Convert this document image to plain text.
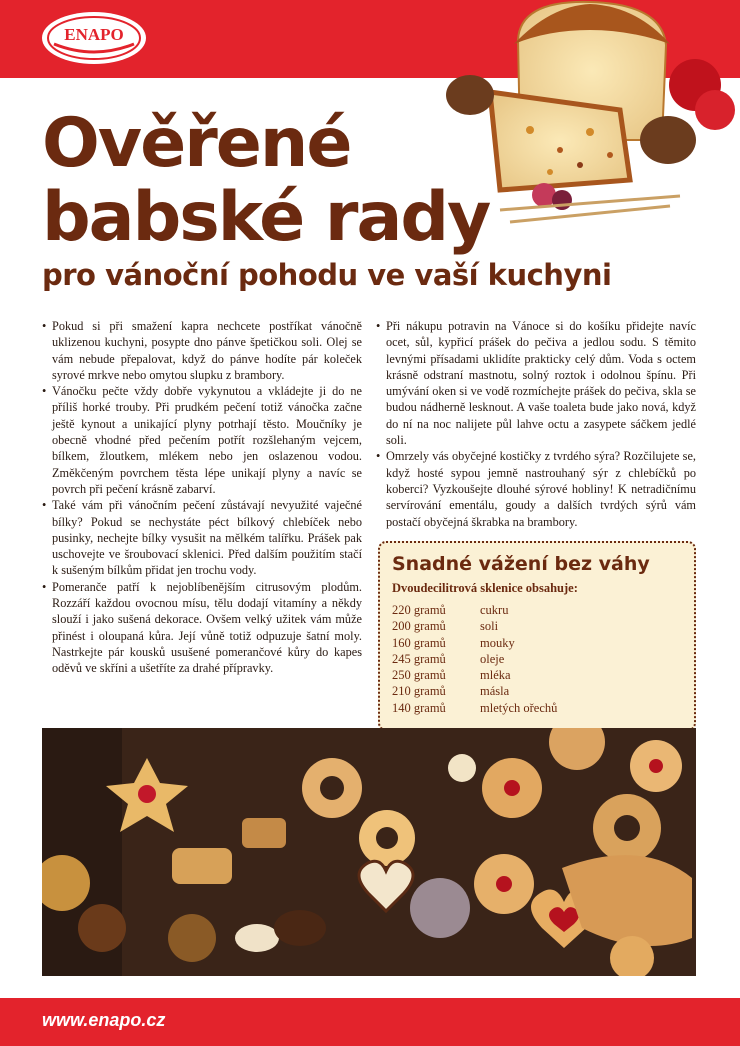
ENAPO
Ověřené
babské rady
pro vánoční pohodu ve vaší kuchyni
• Pokud si při smažení kapra nechcete postříkat vánočně uklizenou kuchyni, posypte dno pánve špetičkou soli. Olej se vám nebude přepalovat, když do pánve hodíte pár koleček syrové mrkve nebo omytou slupku z brambory.
• Vánočku pečte vždy dobře vykynutou a vkládejte ji do ne příliš horké trouby. Při prudkém pečení totiž vánočka začne ještě kynout a unikající plyny potrhají těsto. Moučníky je obecně vhodné před pečením potřít rozšlehaným vejcem, bílkem, žloutkem, mlékem nebo jen oslazenou vodou. Změkčeným povrchem těsta lépe unikají plyny a navíc se povrch při pečení krásně zabarví.
• Také vám při vánočním pečení zůstávají nevyužité vaječné bílky? Pokud se nechystáte péct bílkový chlebíček nebo pusinky, nechejte bílky vysušit na mělkém talířku. Prášek pak uschovejte ve šroubovací sklenici. Před dalším použitím stačí k sušeným bílkům přidat jen trochu vody.
• Pomeranče patří k nejoblíbenějším citrusovým plodům. Rozzáří každou ovocnou mísu, tělu dodají vitamíny a někdy slouží i jako sušená dekorace. Ovšem velký užitek vám může přinést i oloupaná kůra. Její vůně totiž odpuzuje šatní moly. Nastrkejte pár kousků usušené pomerančové kůry do kapes oděvů ve skříni a ušetříte za drahé přípravky.
• Při nákupu potravin na Vánoce si do košíku přidejte navíc ocet, sůl, kypřicí prášek do pečiva a jedlou sodu. S těmito levnými přísadami uklidíte prakticky celý dům. Voda s octem krásně odstraní mastnotu, solný roztok i odolnou špínu. Při umývání oken si ve vodě rozmíchejte prášek do pečiva, skla se budou nádherně lesknout. A vaše toaleta bude jako nová, když do ní na noc nalijete půl lahve octu a zasypete sáčkem jedlé soli.
• Omrzely vás obyčejné kostičky z tvrdého sýra? Rozčilujete se, když hosté sypou jemně nastrouhaný sýr z chlebíčků po koberci? Vyzkoušejte dlouhé sýrové hobliny! K netradičnímu servírování ementálu, goudy a dalších tvrdých sýrů vám postačí obyčejná škrabka na brambory.
Snadné vážení bez váhy
Dvoudecilitrová sklenice obsahuje:
220 gramů	cukru
200 gramů	soli
160 gramů	mouky
245 gramů	oleje
250 gramů	mléka
210 gramů	másla
140 gramů	mletých ořechů
www.enapo.cz
